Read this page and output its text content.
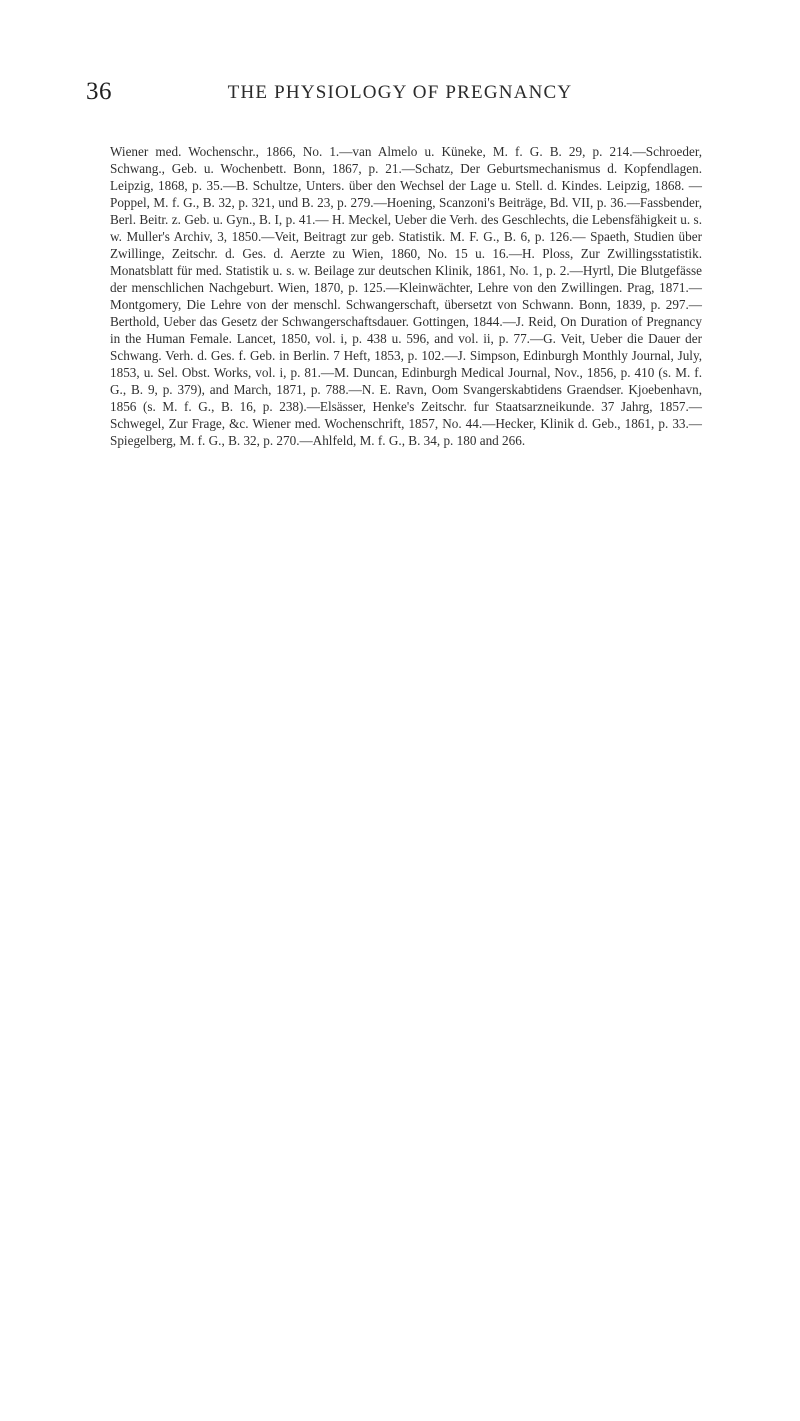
36	THE PHYSIOLOGY OF PREGNANCY

Wiener med. Wochenschr., 1866, No. 1.—van Almelo u. Küneke, M. f. G. B. 29, p. 214.—Schroeder, Schwang., Geb. u. Wochenbett. Bonn, 1867, p. 21.—Schatz, Der Geburtsmechanismus d. Kopfendlagen. Leipzig, 1868, p. 35.—B. Schultze, Unters. über den Wechsel der Lage u. Stell. d. Kindes. Leipzig, 1868. —Poppel, M. f. G., B. 32, p. 321, und B. 23, p. 279.—Hoening, Scanzoni's Beiträge, Bd. VII, p. 36.—Fassbender, Berl. Beitr. z. Geb. u. Gyn., B. I, p. 41.— H. Meckel, Ueber die Verh. des Geschlechts, die Lebensfähigkeit u. s. w. Muller's Archiv, 3, 1850.—Veit, Beitragt zur geb. Statistik. M. F. G., B. 6, p. 126.— Spaeth, Studien über Zwillinge, Zeitschr. d. Ges. d. Aerzte zu Wien, 1860, No. 15 u. 16.—H. Ploss, Zur Zwillingsstatistik. Monatsblatt für med. Statistik u. s. w. Beilage zur deutschen Klinik, 1861, No. 1, p. 2.—Hyrtl, Die Blutgefässe der menschlichen Nachgeburt. Wien, 1870, p. 125.—Kleinwächter, Lehre von den Zwillingen. Prag, 1871.—Montgomery, Die Lehre von der menschl. Schwangerschaft, übersetzt von Schwann. Bonn, 1839, p. 297.—Berthold, Ueber das Gesetz der Schwangerschaftsdauer. Gottingen, 1844.—J. Reid, On Duration of Pregnancy in the Human Female. Lancet, 1850, vol. i, p. 438 u. 596, and vol. ii, p. 77.—G. Veit, Ueber die Dauer der Schwang. Verh. d. Ges. f. Geb. in Berlin. 7 Heft, 1853, p. 102.—J. Simpson, Edinburgh Monthly Journal, July, 1853, u. Sel. Obst. Works, vol. i, p. 81.—M. Duncan, Edinburgh Medical Journal, Nov., 1856, p. 410 (s. M. f. G., B. 9, p. 379), and March, 1871, p. 788.—N. E. Ravn, Oom Svangerskabtidens Graendser. Kjoebenhavn, 1856 (s. M. f. G., B. 16, p. 238).—Elsässer, Henke's Zeitschr. fur Staatsarzneikunde. 37 Jahrg, 1857.—Schwegel, Zur Frage, &c. Wiener med. Wochenschrift, 1857, No. 44.—Hecker, Klinik d. Geb., 1861, p. 33.—Spiegelberg, M. f. G., B. 32, p. 270.—Ahlfeld, M. f. G., B. 34, p. 180 and 266.
